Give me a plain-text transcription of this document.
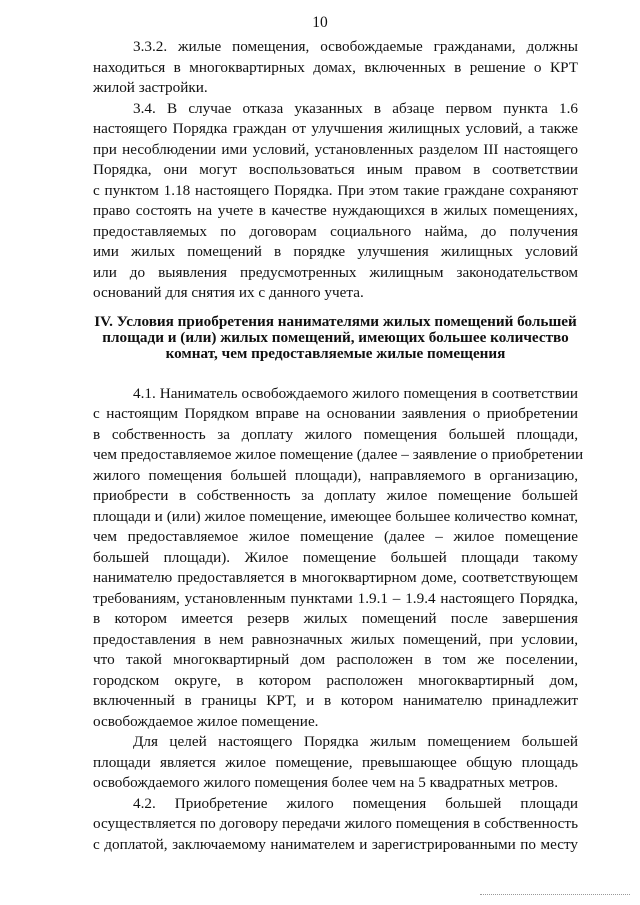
10
3.3.2. жилые помещения, освобождаемые гражданами, должны
находиться в многоквартирных домах, включенных в решение о КРТ
жилой застройки.
3.4. В случае отказа указанных в абзаце первом пункта 1.6
настоящего Порядка граждан от улучшения жилищных условий, а также
при несоблюдении ими условий, установленных разделом III настоящего
Порядка, они могут воспользоваться иным правом в соответствии
с пунктом 1.18 настоящего Порядка. При этом такие граждане сохраняют
право состоять на учете в качестве нуждающихся в жилых помещениях,
предоставляемых по договорам социального найма, до получения
ими жилых помещений в порядке улучшения жилищных условий
или до выявления предусмотренных жилищным законодательством
оснований для снятия их с данного учета.
IV. Условия приобретения нанимателями жилых помещений большей
площади и (или) жилых помещений, имеющих большее количество
комнат, чем предоставляемые жилые помещения
4.1. Наниматель освобождаемого жилого помещения в соответствии
с настоящим Порядком вправе на основании заявления о приобретении
в собственность за доплату жилого помещения большей площади,
чем предоставляемое жилое помещение (далее – заявление о приобретении
жилого помещения большей площади), направляемого в организацию,
приобрести в собственность за доплату жилое помещение большей
площади и (или) жилое помещение, имеющее большее количество комнат,
чем предоставляемое жилое помещение (далее – жилое помещение
большей площади). Жилое помещение большей площади такому
нанимателю предоставляется в многоквартирном доме, соответствующем
требованиям, установленным пунктами 1.9.1 – 1.9.4 настоящего Порядка,
в котором имеется резерв жилых помещений после завершения
предоставления в нем равнозначных жилых помещений, при условии,
что такой многоквартирный дом расположен в том же поселении,
городском округе, в котором расположен многоквартирный дом,
включенный в границы КРТ, и в котором нанимателю принадлежит
освобождаемое жилое помещение.
Для целей настоящего Порядка жилым помещением большей
площади является жилое помещение, превышающее общую площадь
освобождаемого жилого помещения более чем на 5 квадратных метров.
4.2. Приобретение жилого помещения большей площади
осуществляется по договору передачи жилого помещения в собственность
с доплатой, заключаемому нанимателем и зарегистрированными по месту
